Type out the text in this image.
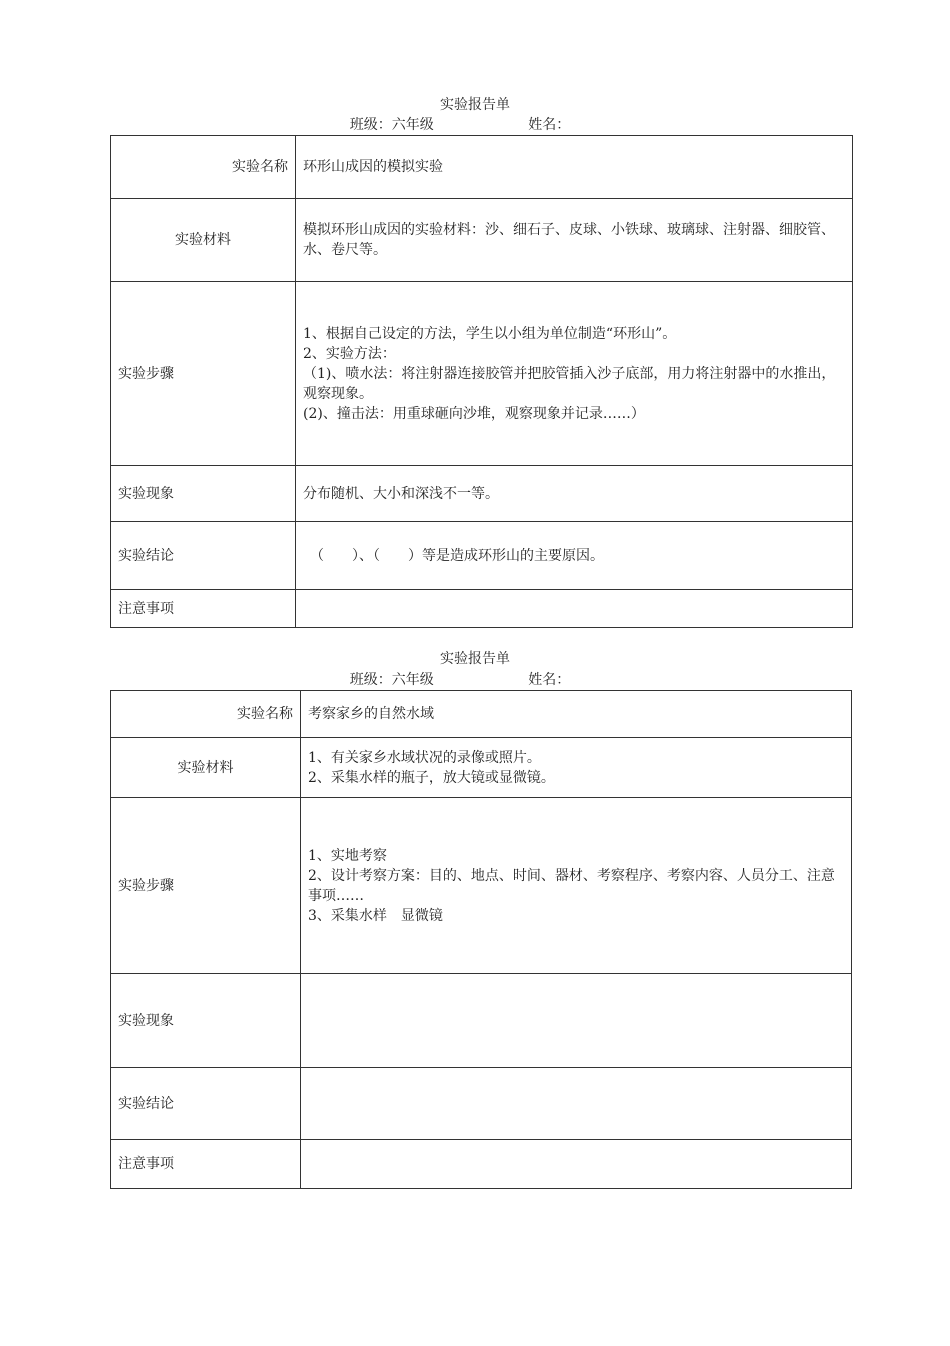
实验报告单
班级：六年级	姓名：
实验名称	环形山成因的模拟实验
实验材料	模拟环形山成因的实验材料：沙、细石子、皮球、小铁球、玻璃球、注射器、细胶管、水、卷尺等。
实验步骤	1、根据自己设定的方法，学生以小组为单位制造“环形山”。
2、实验方法：
（1)、喷水法：将注射器连接胶管并把胶管插入沙子底部，用力将注射器中的水推出，观察现象。
(2)、撞击法：用重球砸向沙堆，观察现象并记录……）

实验现象	分布随机、大小和深浅不一等。
实验结论	（　　）、（　　）等是造成环形山的主要原因。
注意事项	
实验报告单
班级：六年级	姓名：
实验名称	考察家乡的自然水域
实验材料	1、有关家乡水域状况的录像或照片。
2、采集水样的瓶子，放大镜或显微镜。

实验步骤	1、实地考察
2、设计考察方案：目的、地点、时间、器材、考察程序、考察内容、人员分工、注意事项……
3、采集水样　显微镜

实验现象	
实验结论	
注意事项	
